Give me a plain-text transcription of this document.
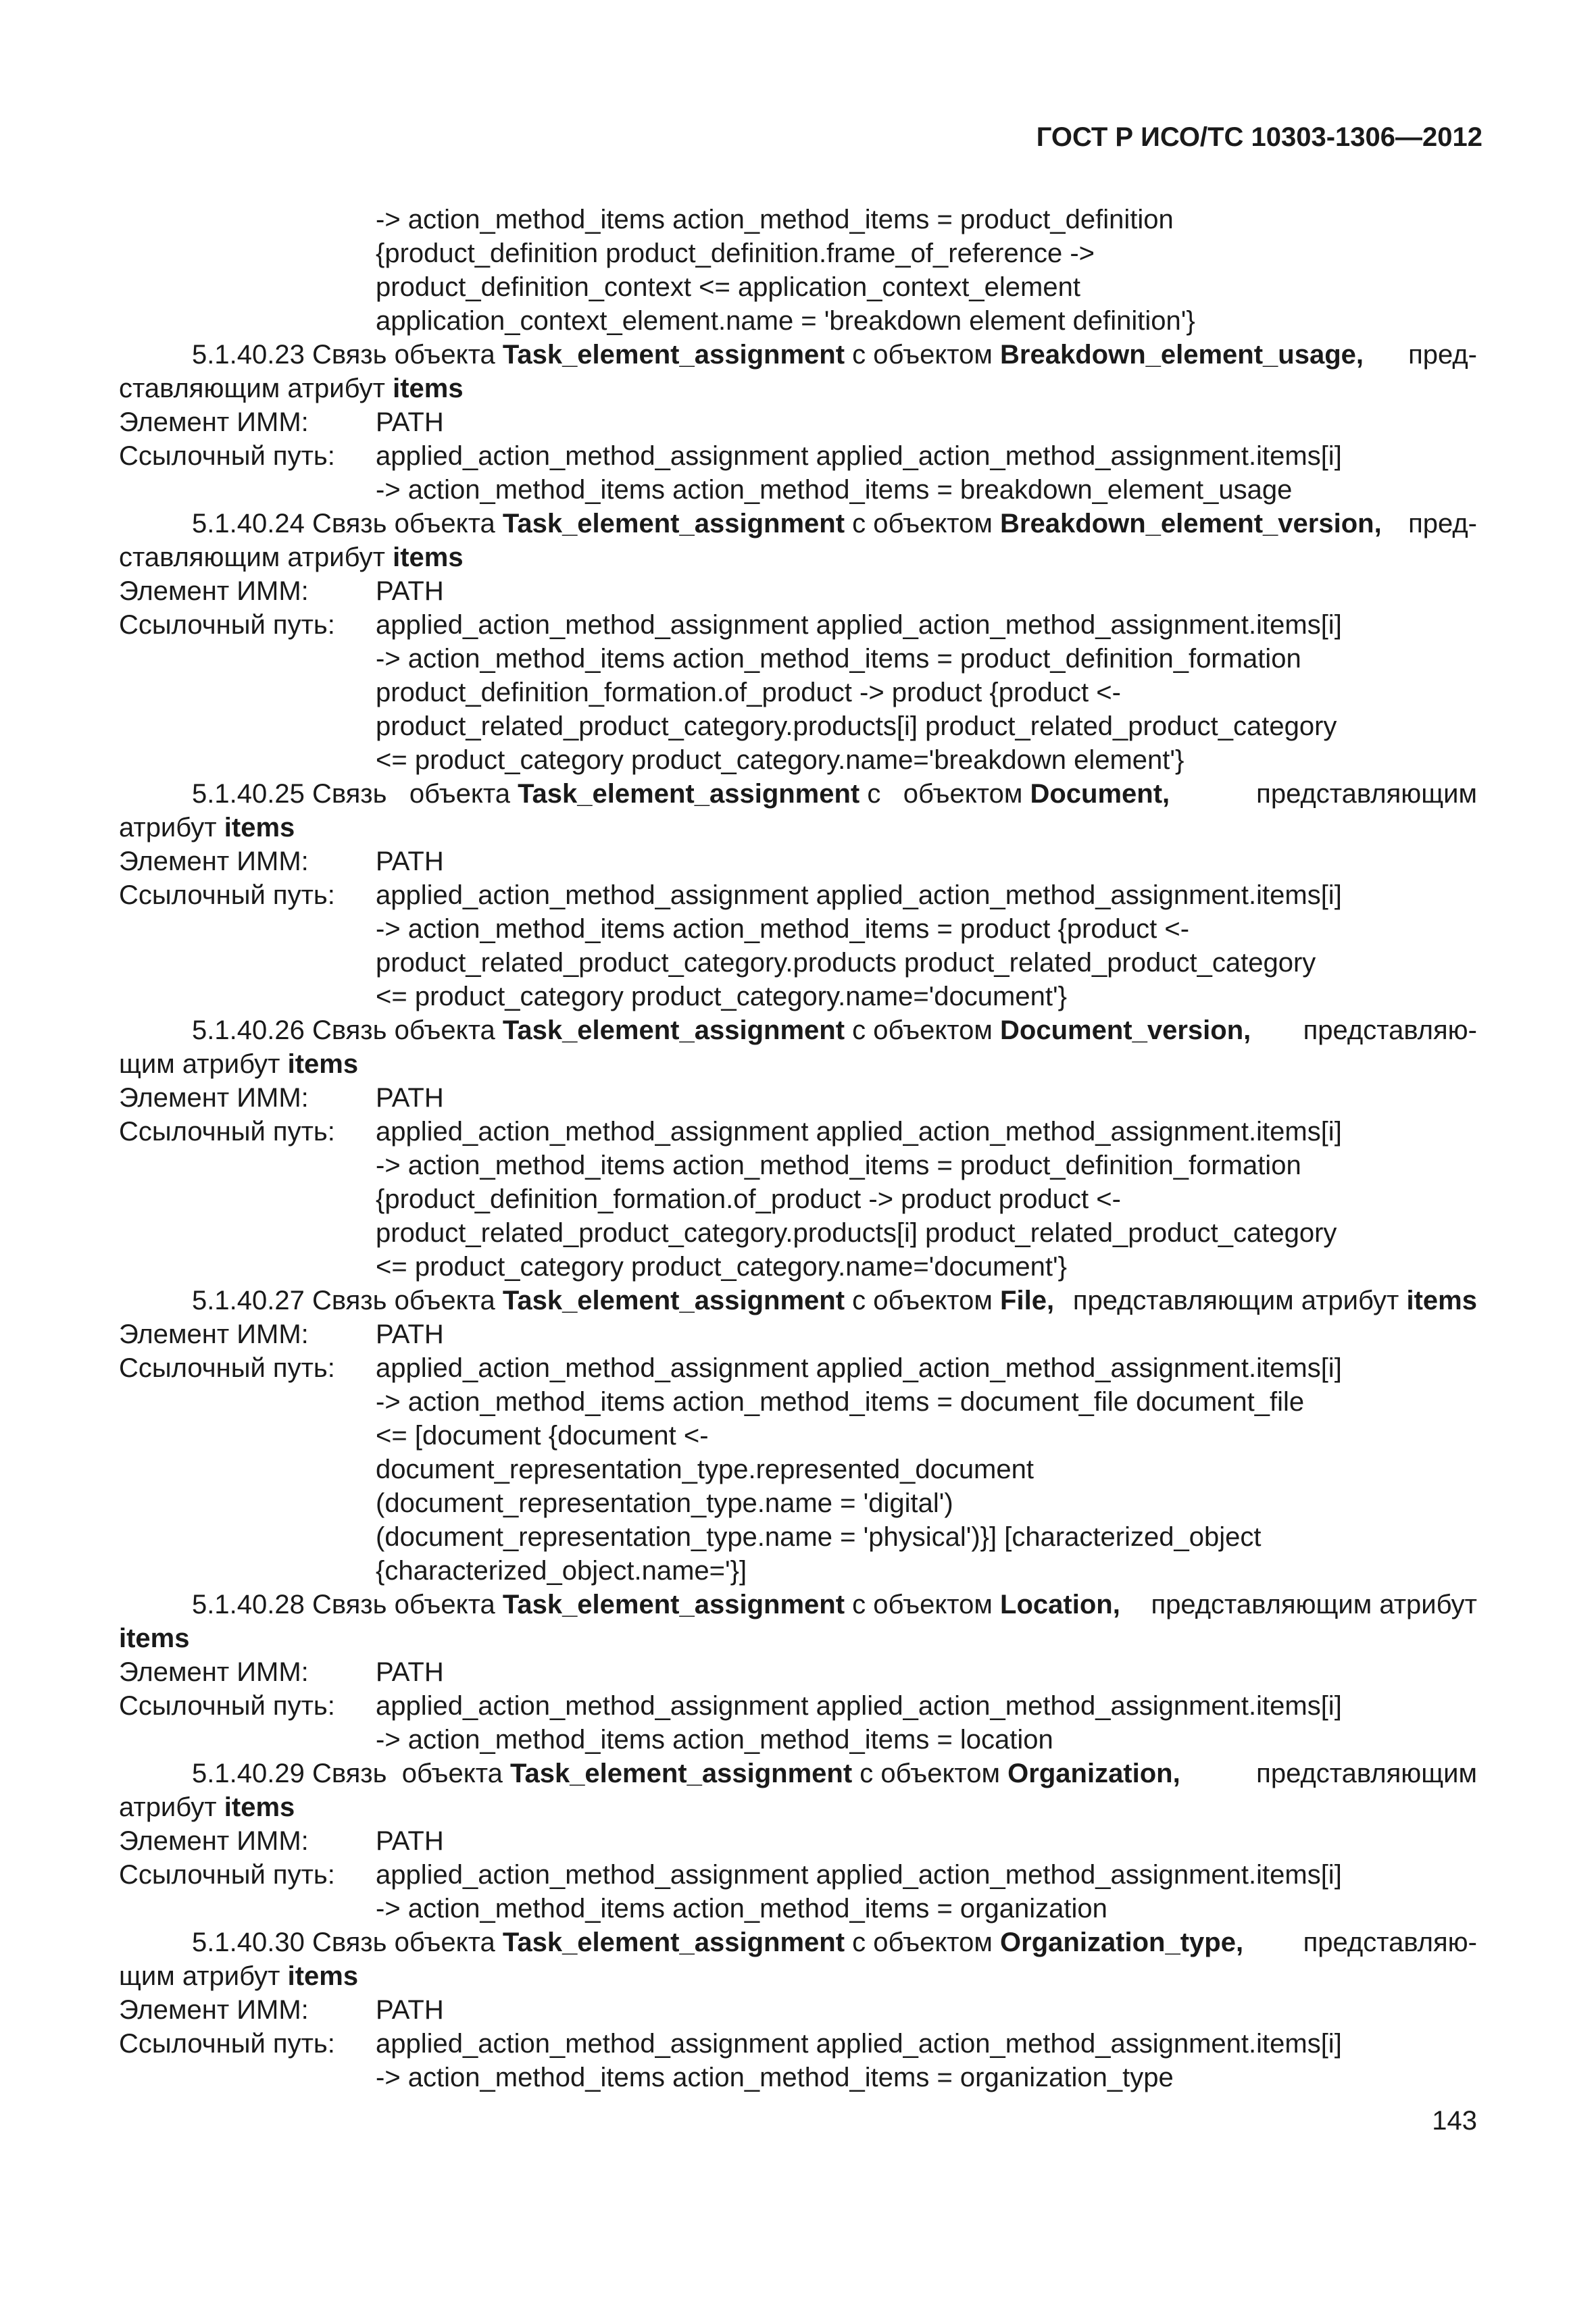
ГОСТ Р ИСО/ТС 10303-1306—2012
-> action_method_items action_method_items = product_definition
{product_definition product_definition.frame_of_reference ->
product_definition_context <= application_context_element
application_context_element.name = 'breakdown element definition'}
5.1.40.23 Связь объекта Task_element_assignment с объектом Breakdown_element_usage, пред-
ставляющим атрибут items
Элемент ИММ:	PATH
Ссылочный путь:	applied_action_method_assignment applied_action_method_assignment.items[i]
-> action_method_items action_method_items = breakdown_element_usage
5.1.40.24 Связь объекта Task_element_assignment с объектом Breakdown_element_version, пред-
ставляющим атрибут items
Элемент ИММ:	PATH
Ссылочный путь:	applied_action_method_assignment applied_action_method_assignment.items[i]
-> action_method_items action_method_items = product_definition_formation
product_definition_formation.of_product -> product {product <-
product_related_product_category.products[i] product_related_product_category
<= product_category product_category.name='breakdown element'}
5.1.40.25 Связь   объекта Task_element_assignment с   объектом Document,	представляющим
атрибут items
Элемент ИММ:	PATH
Ссылочный путь:	applied_action_method_assignment applied_action_method_assignment.items[i]
-> action_method_items action_method_items = product {product <-
product_related_product_category.products product_related_product_category
<= product_category product_category.name='document'}
5.1.40.26 Связь объекта Task_element_assignment с объектом Document_version, представляю-
щим атрибут items
Элемент ИММ:	PATH
Ссылочный путь:	applied_action_method_assignment applied_action_method_assignment.items[i]
-> action_method_items action_method_items = product_definition_formation
{product_definition_formation.of_product -> product product <-
product_related_product_category.products[i] product_related_product_category
<= product_category product_category.name='document'}
5.1.40.27 Связь объекта Task_element_assignment с объектом File, представляющим атрибут items
Элемент ИММ:	PATH
Ссылочный путь:	applied_action_method_assignment applied_action_method_assignment.items[i]
-> action_method_items action_method_items = document_file document_file
<= [document {document <-
document_representation_type.represented_document
(document_representation_type.name = 'digital')
(document_representation_type.name = 'physical')}] [characterized_object
{characterized_object.name='}]
5.1.40.28 Связь объекта Task_element_assignment с объектом Location, представляющим атрибут
items
Элемент ИММ:	PATH
Ссылочный путь:	applied_action_method_assignment applied_action_method_assignment.items[i]
-> action_method_items action_method_items = location
5.1.40.29 Связь  объекта Task_element_assignment с объектом Organization,	представляющим
атрибут items
Элемент ИММ:	PATH
Ссылочный путь:	applied_action_method_assignment applied_action_method_assignment.items[i]
-> action_method_items action_method_items = organization
5.1.40.30 Связь объекта Task_element_assignment с объектом Organization_type, представляю-
щим атрибут items
Элемент ИММ:	PATH
Ссылочный путь:	applied_action_method_assignment applied_action_method_assignment.items[i]
-> action_method_items action_method_items = organization_type
143
